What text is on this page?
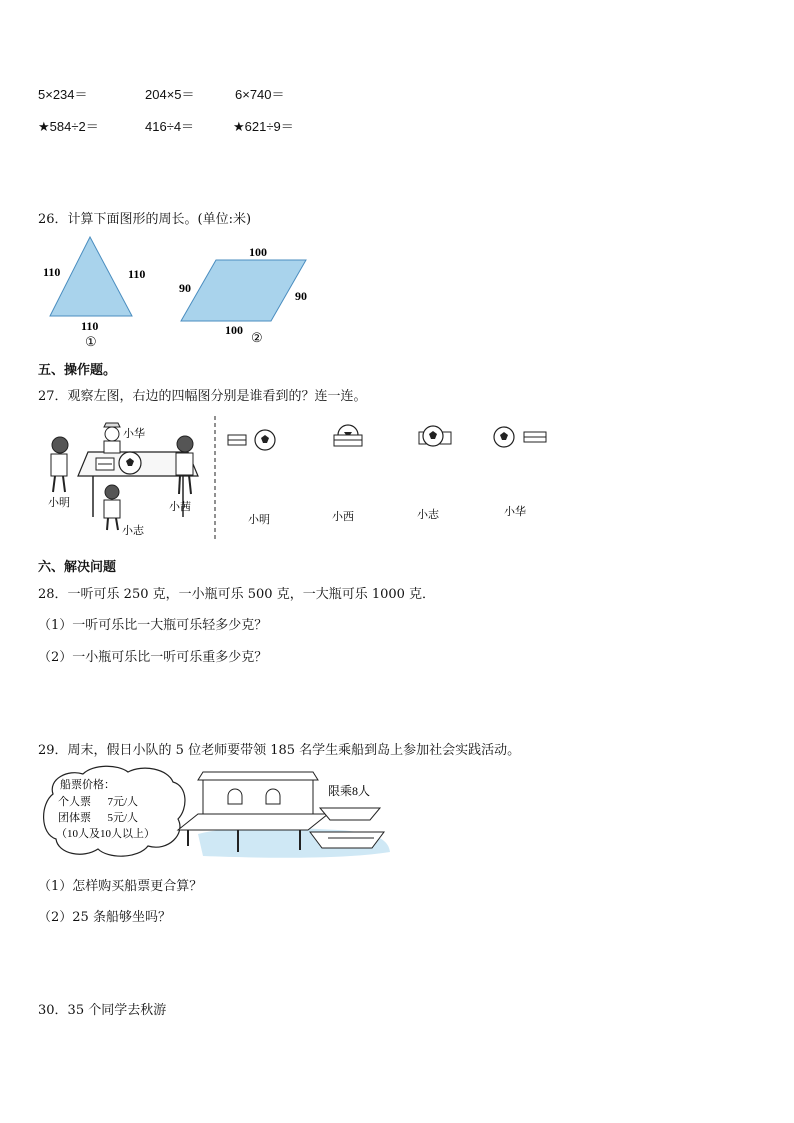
5×234＝	204×5＝	6×740＝
★584÷2＝	416÷4＝	★621÷9＝
26．计算下面图形的周长。(单位:米)
110	110
110
①
100
90
90
100 ②
五、操作题。
27．观察左图，右边的四幅图分别是谁看到的？连一连。
小华
小明	小茜
小志
小明	小西	小志	小华
六、解决问题
28．一听可乐 250 克，一小瓶可乐 500 克，一大瓶可乐 1000 克．
（1）一听可乐比一大瓶可乐轻多少克？
（2）一小瓶可乐比一听可乐重多少克？
29．周末，假日小队的 5 位老师要带领 185 名学生乘船到岛上参加社会实践活动。
船票价格：
个人票      7元/人
团体票      5元/人
（10人及10人以上）
限乘8人
（1）怎样购买船票更合算？
（2）25 条船够坐吗？
30．35 个同学去秋游
